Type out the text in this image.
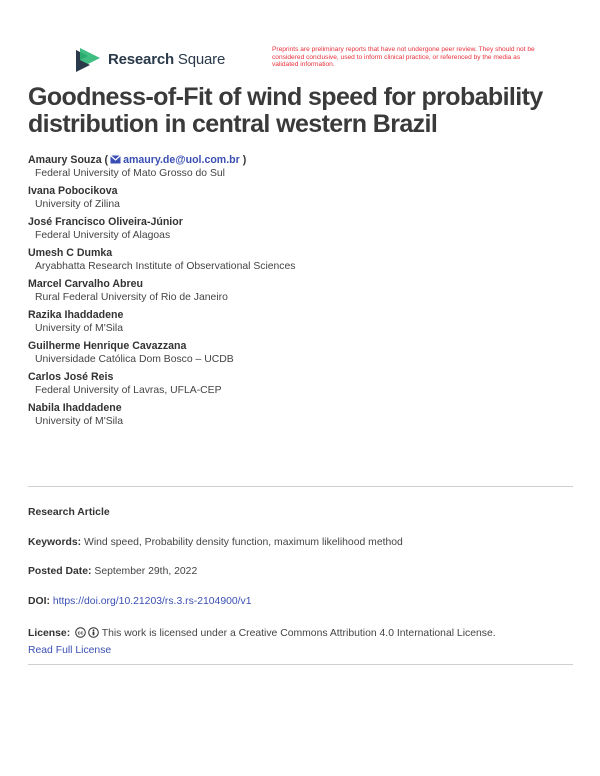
Research Square
Preprints are preliminary reports that have not undergone peer review. They should not be considered conclusive, used to inform clinical practice, or referenced by the media as validated information.
Goodness-of-Fit of wind speed for probability distribution in central western Brazil
Amaury Souza ( amaury.de@uol.com.br )
Federal University of Mato Grosso do Sul
Ivana Pobocikova
University of Zilina
José Francisco Oliveira-Júnior
Federal University of Alagoas
Umesh C Dumka
Aryabhatta Research Institute of Observational Sciences
Marcel Carvalho Abreu
Rural Federal University of Rio de Janeiro
Razika Ihaddadene
University of M'Sila
Guilherme Henrique Cavazzana
Universidade Católica Dom Bosco – UCDB
Carlos José Reis
Federal University of Lavras, UFLA-CEP
Nabila Ihaddadene
University of M'Sila
Research Article
Keywords: Wind speed, Probability density function, maximum likelihood method
Posted Date: September 29th, 2022
DOI: https://doi.org/10.21203/rs.3.rs-2104900/v1
License: cc This work is licensed under a Creative Commons Attribution 4.0 International License.
Read Full License
